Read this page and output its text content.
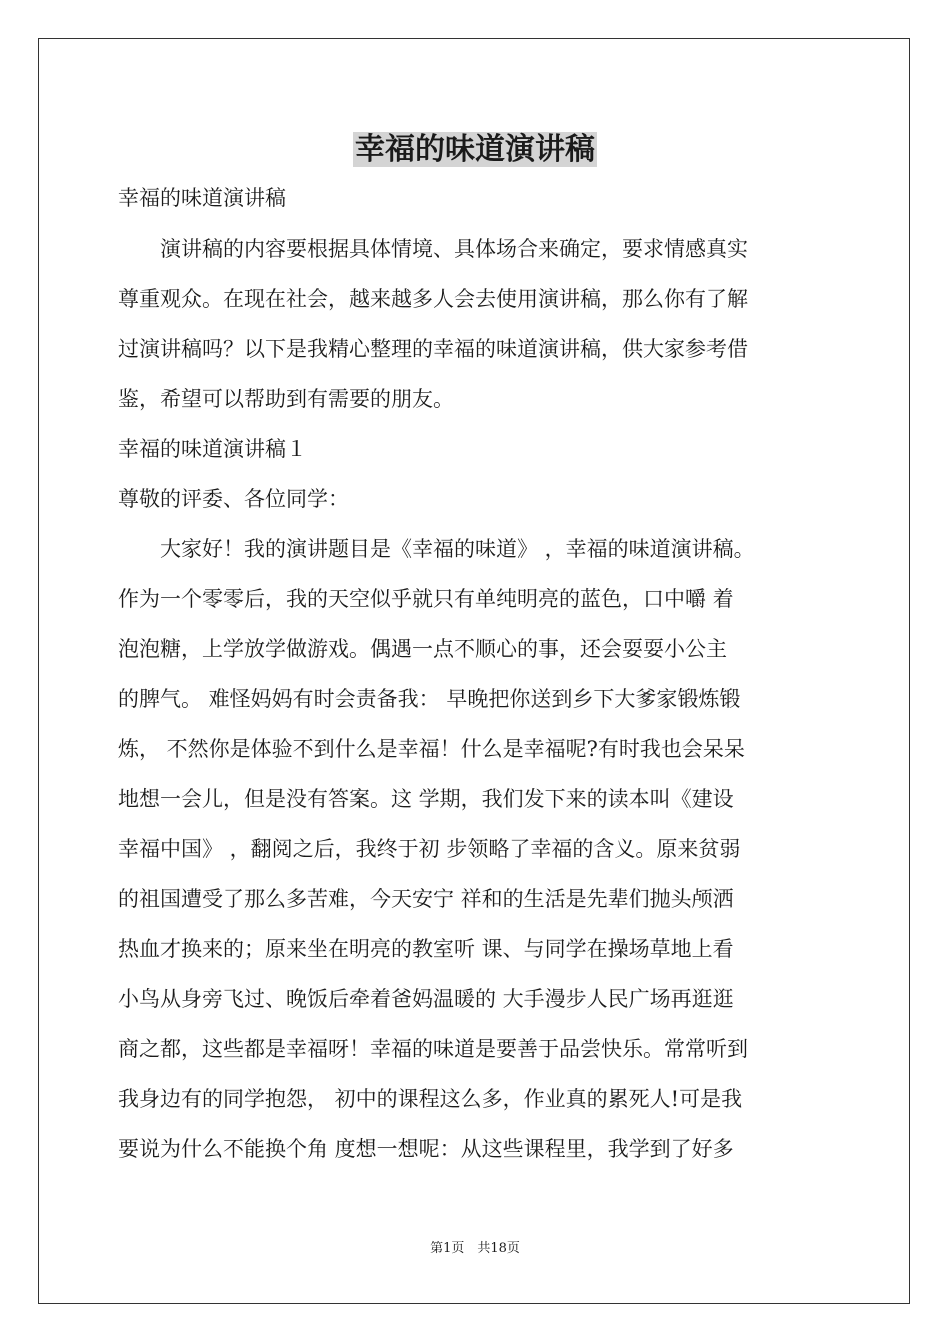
幸福的味道演讲稿

幸福的味道演讲稿

　　演讲稿的内容要根据具体情境、具体场合来确定，要求情感真实

尊重观众。在现在社会，越来越多人会去使用演讲稿，那么你有了解

过演讲稿吗？以下是我精心整理的幸福的味道演讲稿，供大家参考借

鉴，希望可以帮助到有需要的朋友。

幸福的味道演讲稿１

尊敬的评委、各位同学：

　　大家好！我的演讲题目是《幸福的味道》 ，幸福的味道演讲稿。

作为一个零零后，我的天空似乎就只有单纯明亮的蓝色，口中嚼 着

泡泡糖，上学放学做游戏。偶遇一点不顺心的事，还会耍耍小公主

的脾气。 难怪妈妈有时会责备我： 早晚把你送到乡下大爹家锻炼锻

炼， 不然你是体验不到什么是幸福！什么是幸福呢?有时我也会呆呆

地想一会儿，但是没有答案。这 学期，我们发下来的读本叫《建设

幸福中国》 ，翻阅之后，我终于初 步领略了幸福的含义。原来贫弱

的祖国遭受了那么多苦难，今天安宁 祥和的生活是先辈们抛头颅洒

热血才换来的；原来坐在明亮的教室听 课、与同学在操场草地上看

小鸟从身旁飞过、晚饭后牵着爸妈温暖的 大手漫步人民广场再逛逛

商之都，这些都是幸福呀！幸福的味道是要善于品尝快乐。常常听到

我身边有的同学抱怨， 初中的课程这么多，作业真的累死人!可是我

要说为什么不能换个角 度想一想呢：从这些课程里，我学到了好多

第1页　共18页
